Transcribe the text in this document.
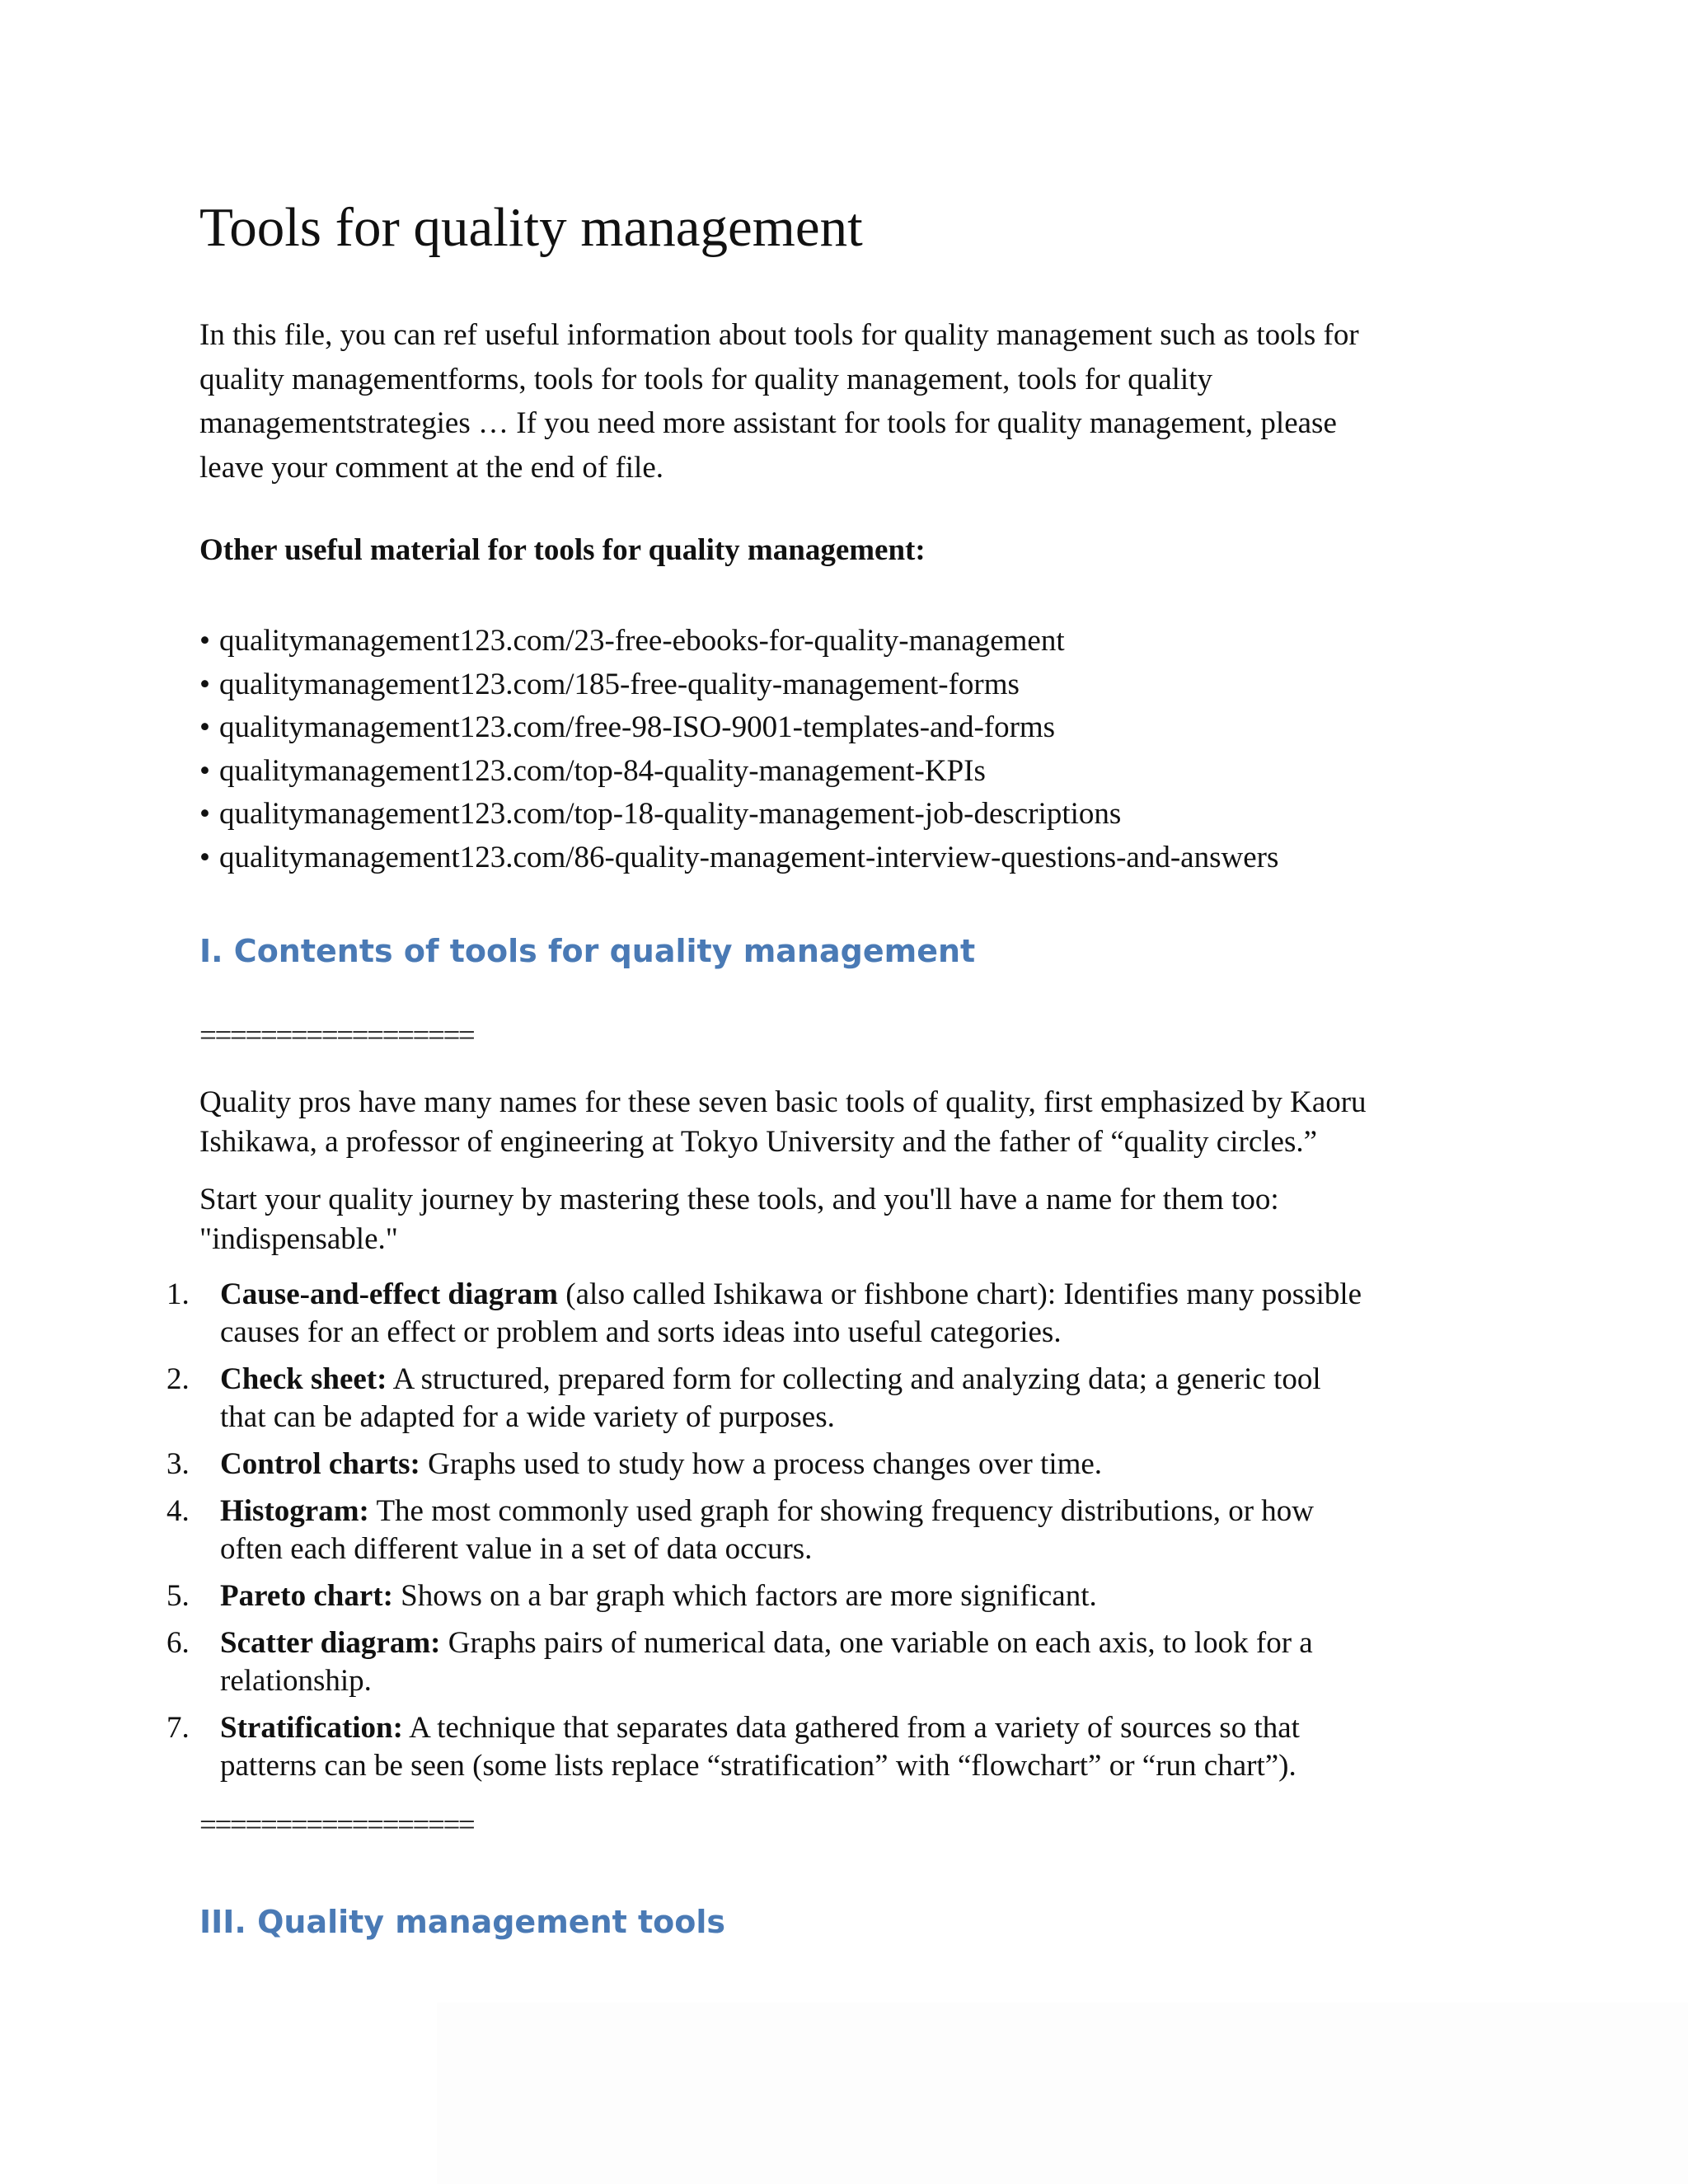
Tools for quality management

In this file, you can ref useful information about tools for quality management such as tools for
quality managementforms, tools for tools for quality management, tools for quality
managementstrategies … If you need more assistant for tools for quality management, please
leave your comment at the end of file.

Other useful material for tools for quality management:

• qualitymanagement123.com/23-free-ebooks-for-quality-management
• qualitymanagement123.com/185-free-quality-management-forms
• qualitymanagement123.com/free-98-ISO-9001-templates-and-forms
• qualitymanagement123.com/top-84-quality-management-KPIs
• qualitymanagement123.com/top-18-quality-management-job-descriptions
• qualitymanagement123.com/86-quality-management-interview-questions-and-answers
I. Contents of tools for quality management

==================

Quality pros have many names for these seven basic tools of quality, first emphasized by Kaoru
Ishikawa, a professor of engineering at Tokyo University and the father of “quality circles.”

Start your quality journey by mastering these tools, and you'll have a name for them too:
"indispensable."

1. Cause-and-effect diagram (also called Ishikawa or fishbone chart): Identifies many possible
causes for an effect or problem and sorts ideas into useful categories.
2. Check sheet: A structured, prepared form for collecting and analyzing data; a generic tool
that can be adapted for a wide variety of purposes.
3. Control charts: Graphs used to study how a process changes over time.
4. Histogram: The most commonly used graph for showing frequency distributions, or how
often each different value in a set of data occurs.
5. Pareto chart: Shows on a bar graph which factors are more significant.
6. Scatter diagram: Graphs pairs of numerical data, one variable on each axis, to look for a
relationship.
7. Stratification: A technique that separates data gathered from a variety of sources so that
patterns can be seen (some lists replace “stratification” with “flowchart” or “run chart”).

==================

III. Quality management tools
